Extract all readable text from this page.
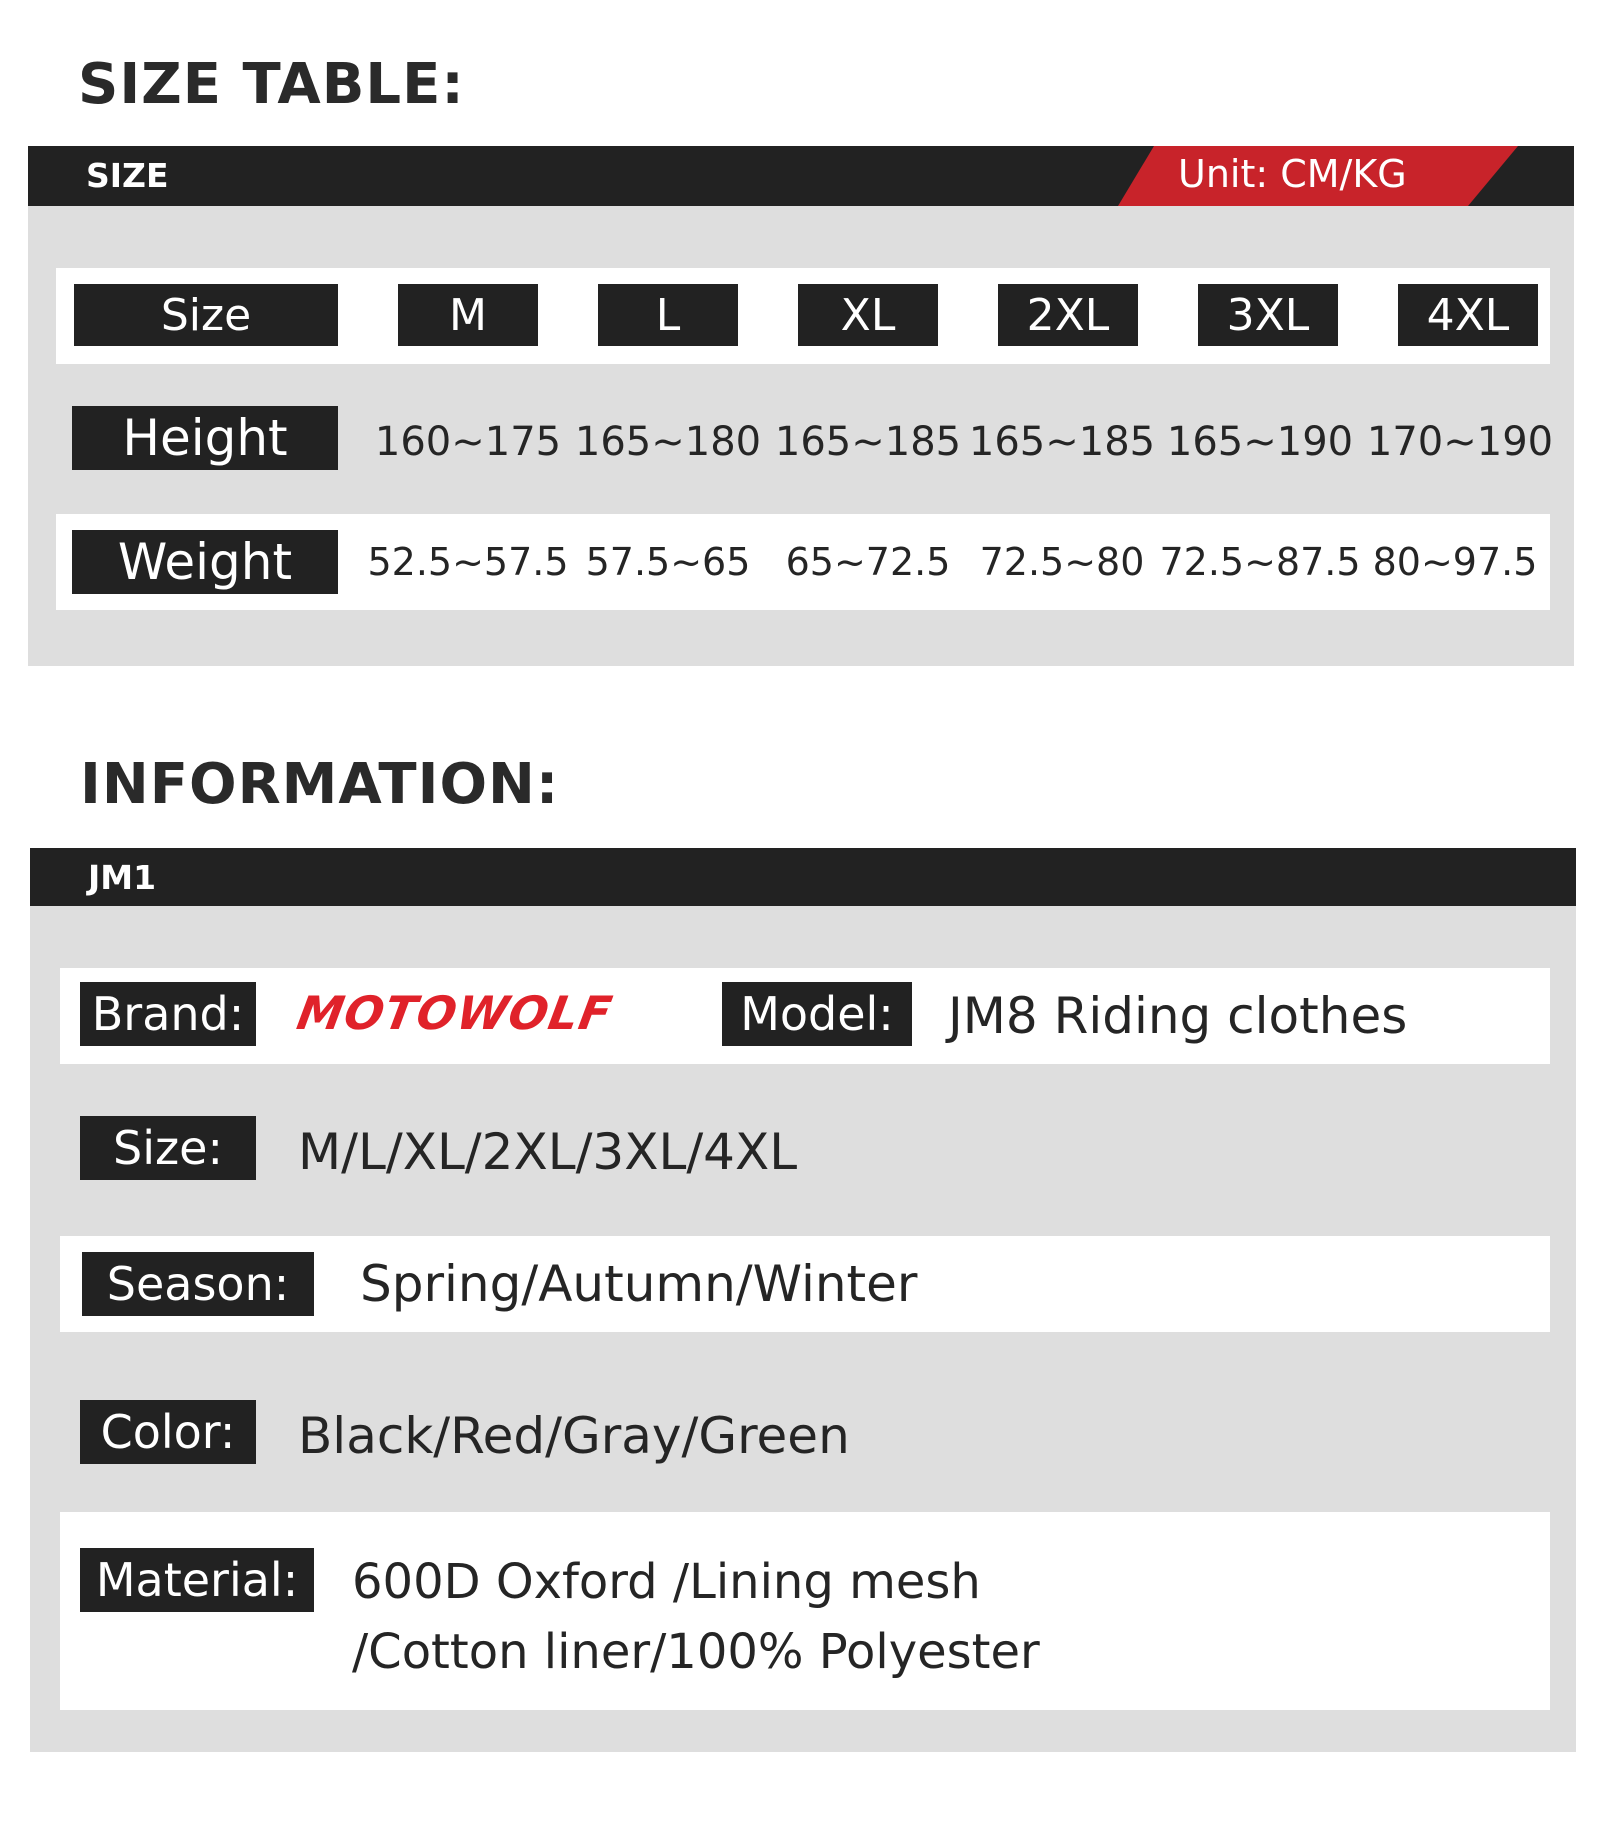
SIZE TABLE:
SIZE	Unit: CM/KG
Size	M	L	XL	2XL	3XL	4XL
Height	160~175 165~180 165~185 165~185 165~190 170~190
Weight	52.5~57.5 57.5~65 65~72.5 72.5~80 72.5~87.5 80~97.5
INFORMATION:
JM1
Brand: MOTOWOLF	Model:	JM8 Riding clothes
Size:	M/L/XL/2XL/3XL/4XL
Season:	Spring/Autumn/Winter
Color:	Black/Red/Gray/Green
Material:	600D Oxford /Lining mesh
/Cotton liner/100% Polyester
